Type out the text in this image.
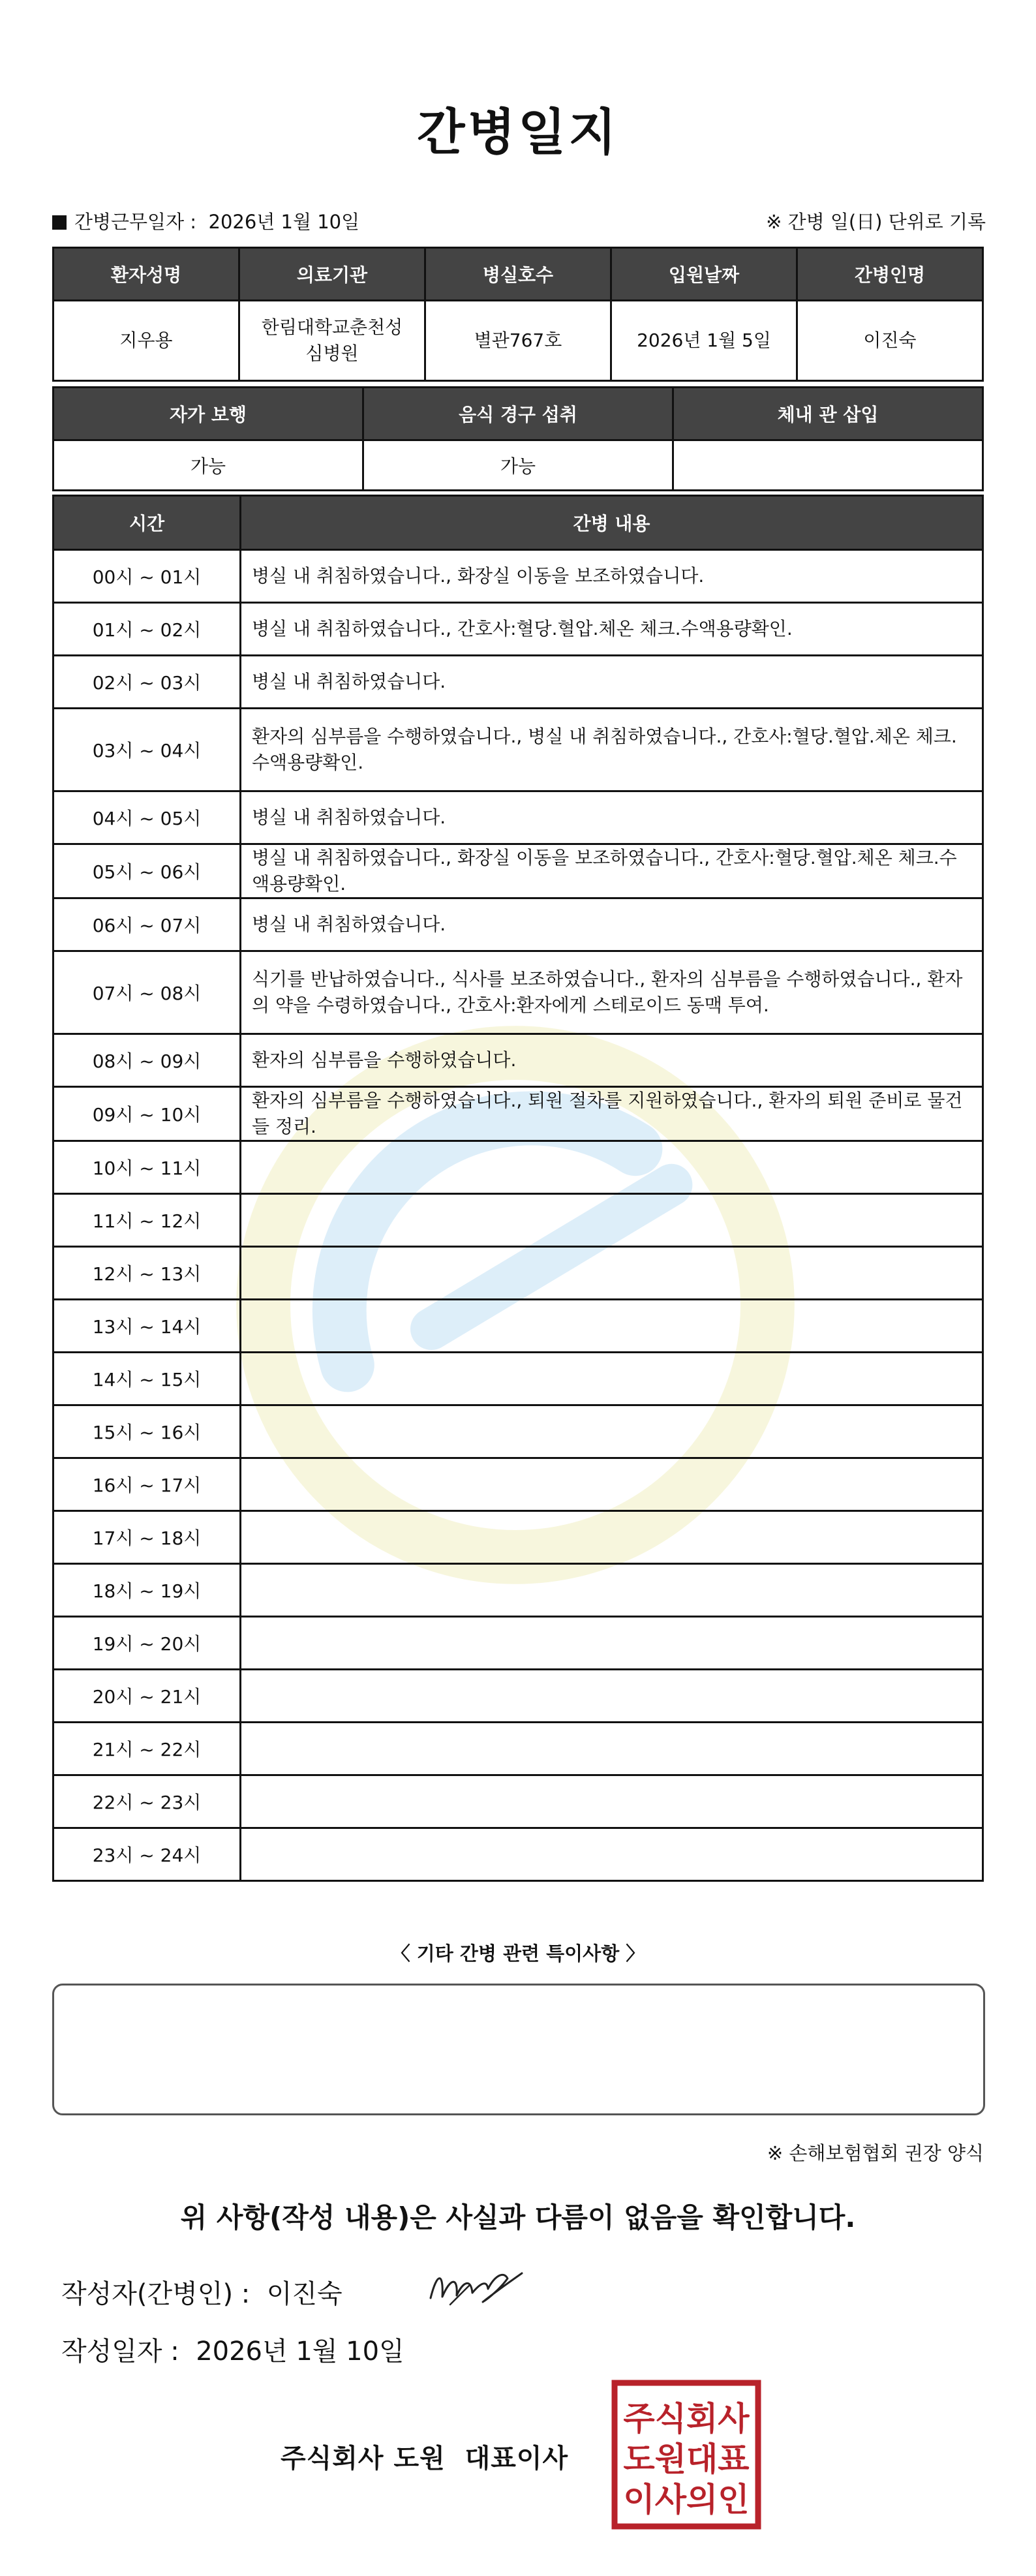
간병일지
간병근무일자 : 2026년 1월 10일	※ 간병 일(日) 단위로 기록
환자성명	의료기관	병실호수	입원날짜	간병인명
지우용	한림대학교춘천성심병원	별관767호	2026년 1월 5일	이진숙
자가 보행	음식 경구 섭취	체내 관 삽입
가능	가능	
시간	간병 내용
00시 ~ 01시	병실 내 취침하였습니다., 화장실 이동을 보조하였습니다.
01시 ~ 02시	병실 내 취침하였습니다., 간호사:혈당.혈압.체온 체크.수액용량확인.
02시 ~ 03시	병실 내 취침하였습니다.
03시 ~ 04시	환자의 심부름을 수행하였습니다., 병실 내 취침하였습니다., 간호사:혈당.혈압.체온 체크.수액용량확인.
04시 ~ 05시	병실 내 취침하였습니다.
05시 ~ 06시	병실 내 취침하였습니다., 화장실 이동을 보조하였습니다., 간호사:혈당.혈압.체온 체크.수액용량확인.
06시 ~ 07시	병실 내 취침하였습니다.
07시 ~ 08시	식기를 반납하였습니다., 식사를 보조하였습니다., 환자의 심부름을 수행하였습니다., 환자의 약을 수령하였습니다., 간호사:환자에게 스테로이드 동맥 투여.
08시 ~ 09시	환자의 심부름을 수행하였습니다.
09시 ~ 10시	환자의 심부름을 수행하였습니다., 퇴원 절차를 지원하였습니다., 환자의 퇴원 준비로 물건들 정리.
10시 ~ 11시	
11시 ~ 12시	
12시 ~ 13시	
13시 ~ 14시	
14시 ~ 15시	
15시 ~ 16시	
16시 ~ 17시	
17시 ~ 18시	
18시 ~ 19시	
19시 ~ 20시	
20시 ~ 21시	
21시 ~ 22시	
22시 ~ 23시	
23시 ~ 24시	
〈 기타 간병 관련 특이사항 〉
※ 손해보험협회 권장 양식
위 사항(작성 내용)은 사실과 다름이 없음을 확인합니다.
작성자(간병인) : 이진숙
작성일자 : 2026년 1월 10일
주식회사 도원  대표이사
주식회사
도원대표
이사의인
